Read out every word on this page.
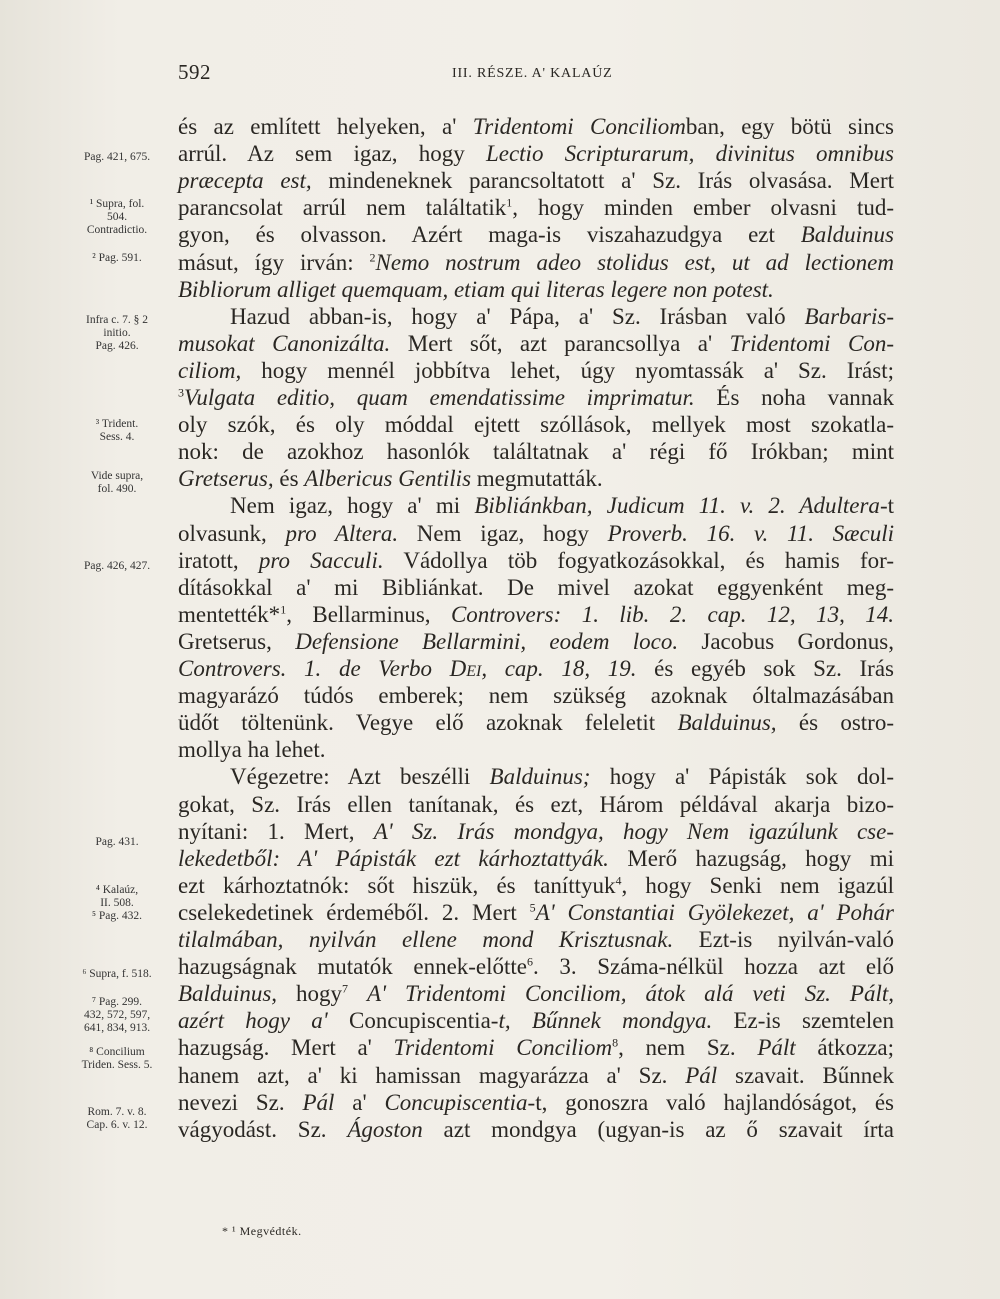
592	III. RÉSZE. A' KALAÚZ
és az említett helyeken, a' Tridentomi Conciliomban, egy bötü sincs
arrúl. Az sem igaz, hogy Lectio Scripturarum, divinitus omnibus
præcepta est, mindeneknek parancsoltatott a' Sz. Irás olvasása. Mert
parancsolat arrúl nem találtatik$^1$, hogy minden ember olvasni tud-
gyon, és olvasson. Azért maga-is viszahazudgya ezt Balduinus
másut, így irván: $^2$Nemo nostrum adeo stolidus est, ut ad lectionem
Bibliorum alliget quemquam, etiam qui literas legere non potest.
Hazud abban-is, hogy a' Pápa, a' Sz. Irásban való Barbaris-
musokat Canonizálta. Mert sőt, azt parancsollya a' Tridentomi Con-
ciliom, hogy mennél jobbítva lehet, úgy nyomtassák a' Sz. Irást;
$^3$Vulgata editio, quam emendatissime imprimatur. És noha vannak
oly szók, és oly móddal ejtett szóllások, mellyek most szokatla-
nok: de azokhoz hasonlók találtatnak a' régi fő Irókban; mint
Gretserus, és Albericus Gentilis megmutatták.
Nem igaz, hogy a' mi Bibliánkban, Judicum 11. v. 2. Adultera-t
olvasunk, pro Altera. Nem igaz, hogy Proverb. 16. v. 11. Sæculi
iratott, pro Sacculi. Vádollya töb fogyatkozásokkal, és hamis for-
dításokkal a' mi Bibliánkat. De mivel azokat eggyenként meg-
mentették*$^1$, Bellarminus, Controvers: 1. lib. 2. cap. 12, 13, 14.
Gretserus, Defensione Bellarmini, eodem loco. Jacobus Gordonus,
Controvers. 1. de Verbo Dei, cap. 18, 19. és egyéb sok Sz. Irás
magyarázó túdós emberek; nem szükség azoknak óltalmazásában
üdőt töltenünk. Vegye elő azoknak feleletit Balduinus, és ostro-
mollya ha lehet.
Végezetre: Azt beszélli Balduinus; hogy a' Pápisták sok dol-
gokat, Sz. Irás ellen tanítanak, és ezt, Három példával akarja bizo-
nyítani: 1. Mert, A' Sz. Irás mondgya, hogy Nem igazúlunk cse-
lekedetből: A' Pápisták ezt kárhoztattyák. Merő hazugság, hogy mi
ezt kárhoztatnók: sőt hiszük, és taníttyuk$^4$, hogy Senki nem igazúl
cselekedetinek érdeméből. 2. Mert $^5$A' Constantiai Gyölekezet, a' Pohár
tilalmában, nyilván ellene mond Krisztusnak. Ezt-is nyilván-való
hazugságnak mutatók ennek-előtte$^6$. 3. Száma-nélkül hozza azt elő
Balduinus, hogy$^7$ A' Tridentomi Conciliom, átok alá veti Sz. Pált,
azért hogy a' Concupiscentia-t, Bűnnek mondgya. Ez-is szemtelen
hazugság. Mert a' Tridentomi Conciliom$^8$, nem Sz. Pált átkozza;
hanem azt, a' ki hamissan magyarázza a' Sz. Pál szavait. Bűnnek
nevezi Sz. Pál a' Concupiscentia-t, gonoszra való hajlandóságot, és
vágyodást. Sz. Ágoston azt mondgya (ugyan-is az ő szavait írta
Pag. 421, 675.
¹ Supra, fol.
504.
Contradictio.
² Pag. 591.
Infra c. 7. § 2
initio.
Pag. 426.
³ Trident.
Sess. 4.
Vide supra,
fol. 490.
Pag. 426, 427.
Pag. 431.
⁴ Kalaúz,
II. 508.
⁵ Pag. 432.
⁶ Supra, f. 518.
⁷ Pag. 299.
432, 572, 597,
641, 834, 913.
⁸ Concilium
Triden. Sess. 5.
Rom. 7. v. 8.
Cap. 6. v. 12.
* ¹ Megvédték.
